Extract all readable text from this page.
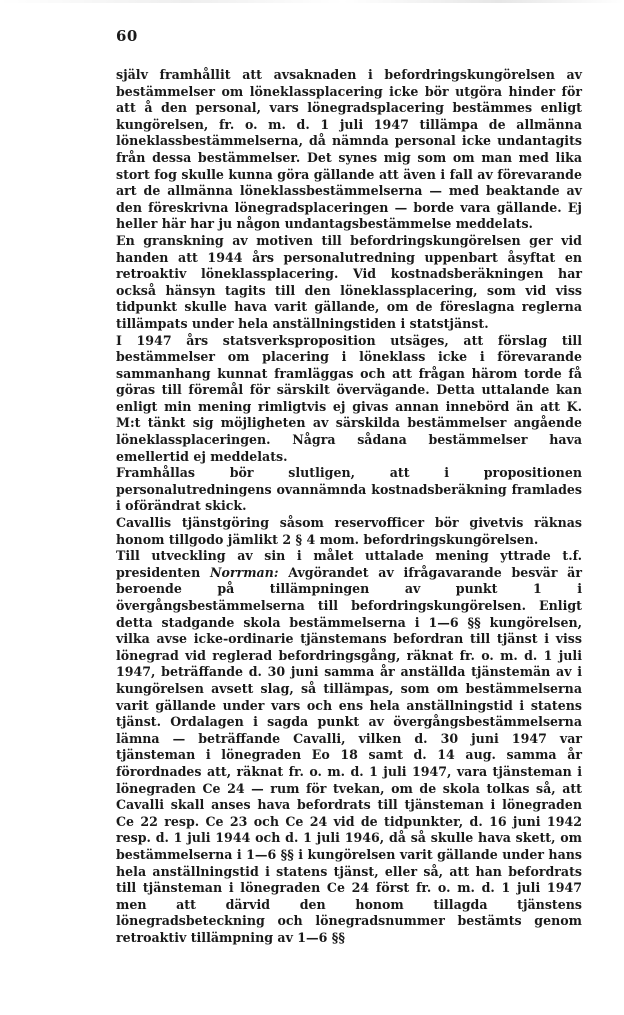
60

själv framhållit att avsaknaden i befordringskungörelsen av bestämmelser om löneklassplacering icke bör utgöra hinder för att å den personal, vars lönegradsplacering bestämmes enligt kungörelsen, fr. o. m. d. 1 juli 1947 tillämpa de allmänna löneklassbestämmelserna, då nämnda personal icke undantagits från dessa bestämmelser. Det synes mig som om man med lika stort fog skulle kunna göra gällande att även i fall av förevarande art de allmänna löneklassbestämmelserna — med beaktande av den föreskrivna lönegradsplaceringen — borde vara gällande. Ej heller här har ju någon undantagsbestämmelse meddelats.

En granskning av motiven till befordringskungörelsen ger vid handen att 1944 års personalutredning uppenbart åsyftat en retroaktiv löneklassplacering. Vid kostnadsberäkningen har också hänsyn tagits till den löneklassplacering, som vid viss tidpunkt skulle hava varit gällande, om de föreslagna reglerna tillämpats under hela anställningstiden i statstjänst.

I 1947 års statsverksproposition utsäges, att förslag till bestämmelser om placering i löneklass icke i förevarande sammanhang kunnat framläggas och att frågan härom torde få göras till föremål för särskilt övervägande. Detta uttalande kan enligt min mening rimligtvis ej givas annan innebörd än att K. M:t tänkt sig möjligheten av särskilda bestämmelser angående löneklassplaceringen. Några sådana bestämmelser hava emellertid ej meddelats.

Framhållas bör slutligen, att i propositionen personalutredningens ovannämnda kostnadsberäkning framlades i oförändrat skick.

Cavallis tjänstgöring såsom reservofficer bör givetvis räknas honom tillgodo jämlikt 2 § 4 mom. befordringskungörelsen.

Till utveckling av sin i målet uttalade mening yttrade t.f. presidenten Norrman: Avgörandet av ifrågavarande besvär är beroende på tillämpningen av punkt 1 i övergångsbestämmelserna till befordringskungörelsen. Enligt detta stadgande skola bestämmelserna i 1—6 §§ kungörelsen, vilka avse icke-ordinarie tjänstemans befordran till tjänst i viss lönegrad vid reglerad befordringsgång, räknat fr. o. m. d. 1 juli 1947, beträffande d. 30 juni samma år anställda tjänstemän av i kungörelsen avsett slag, så tillämpas, som om bestämmelserna varit gällande under vars och ens hela anställningstid i statens tjänst. Ordalagen i sagda punkt av övergångsbestämmelserna lämna — beträffande Cavalli, vilken d. 30 juni 1947 var tjänsteman i lönegraden Eo 18 samt d. 14 aug. samma år förordnades att, räknat fr. o. m. d. 1 juli 1947, vara tjänsteman i lönegraden Ce 24 — rum för tvekan, om de skola tolkas så, att Cavalli skall anses hava befordrats till tjänsteman i lönegraden Ce 22 resp. Ce 23 och Ce 24 vid de tidpunkter, d. 16 juni 1942 resp. d. 1 juli 1944 och d. 1 juli 1946, då så skulle hava skett, om bestämmelserna i 1—6 §§ i kungörelsen varit gällande under hans hela anställningstid i statens tjänst, eller så, att han befordrats till tjänsteman i lönegraden Ce 24 först fr. o. m. d. 1 juli 1947 men att därvid den honom tillagda tjänstens lönegradsbeteckning och lönegradsnummer bestämts genom retroaktiv tillämpning av 1—6 §§
